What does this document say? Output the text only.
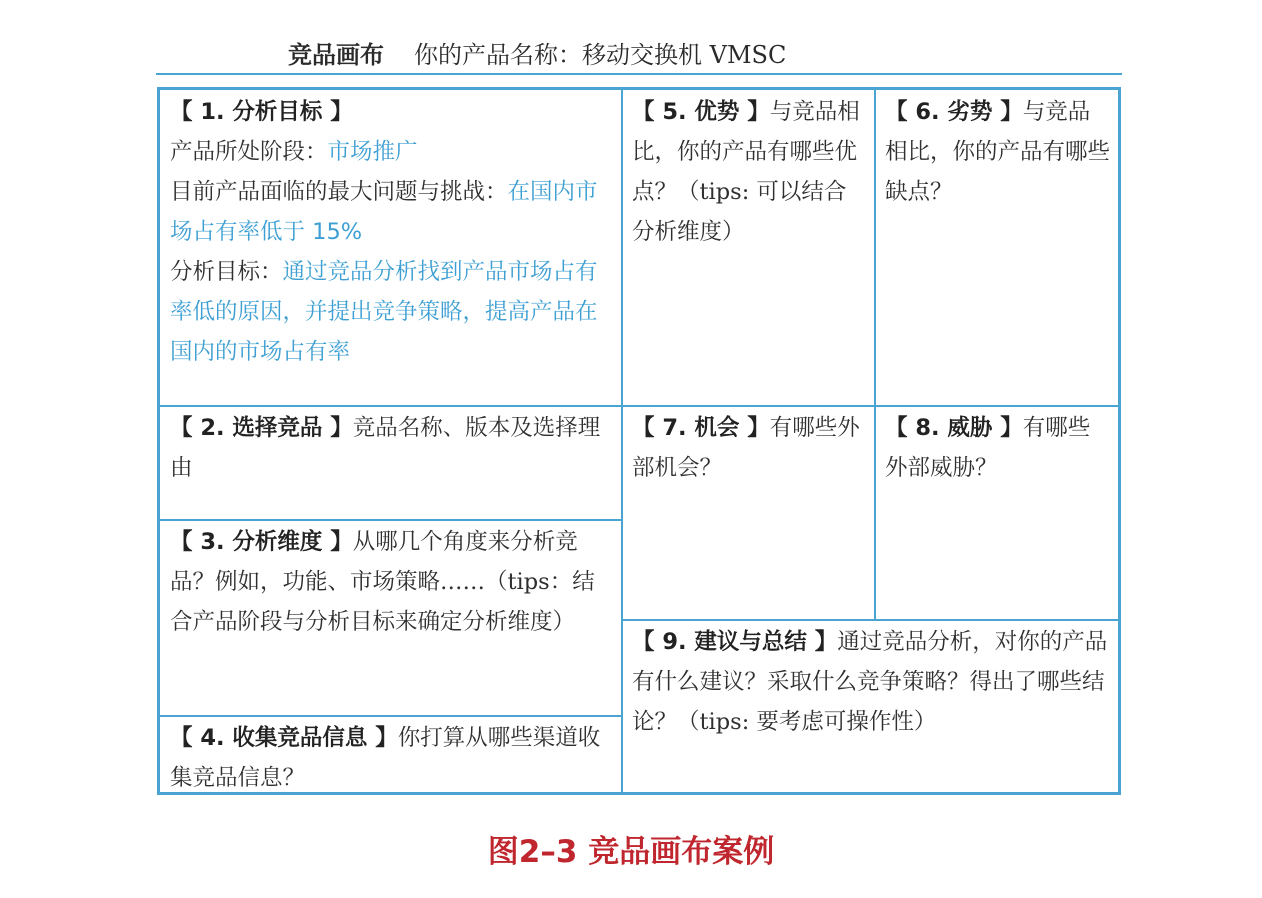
竞品画布 你的产品名称： 移动交换机 VMSC
【 1. 分析目标 】
产品所处阶段：市场推广
目前产品面临的最大问题与挑战：在国内市场占有率低于 15%
分析目标：通过竞品分析找到产品市场占有率低的原因，并提出竞争策略，提高产品在国内的市场占有率
【 2. 选择竞品 】竞品名称、版本及选择理由
【 3. 分析维度 】从哪几个角度来分析竞品？例如，功能、市场策略……（tips：结合产品阶段与分析目标来确定分析维度）
【 4. 收集竞品信息 】你打算从哪些渠道收集竞品信息？
【 5. 优势 】与竞品相比，你的产品有哪些优点？（tips: 可以结合分析维度）
【 6. 劣势 】与竞品相比，你的产品有哪些缺点？
【 7. 机会 】有哪些外部机会？
【 8. 威胁 】有哪些外部威胁？
【 9. 建议与总结 】通过竞品分析，对你的产品有什么建议？采取什么竞争策略？得出了哪些结论？（tips: 要考虑可操作性）
图2–3 竞品画布案例
